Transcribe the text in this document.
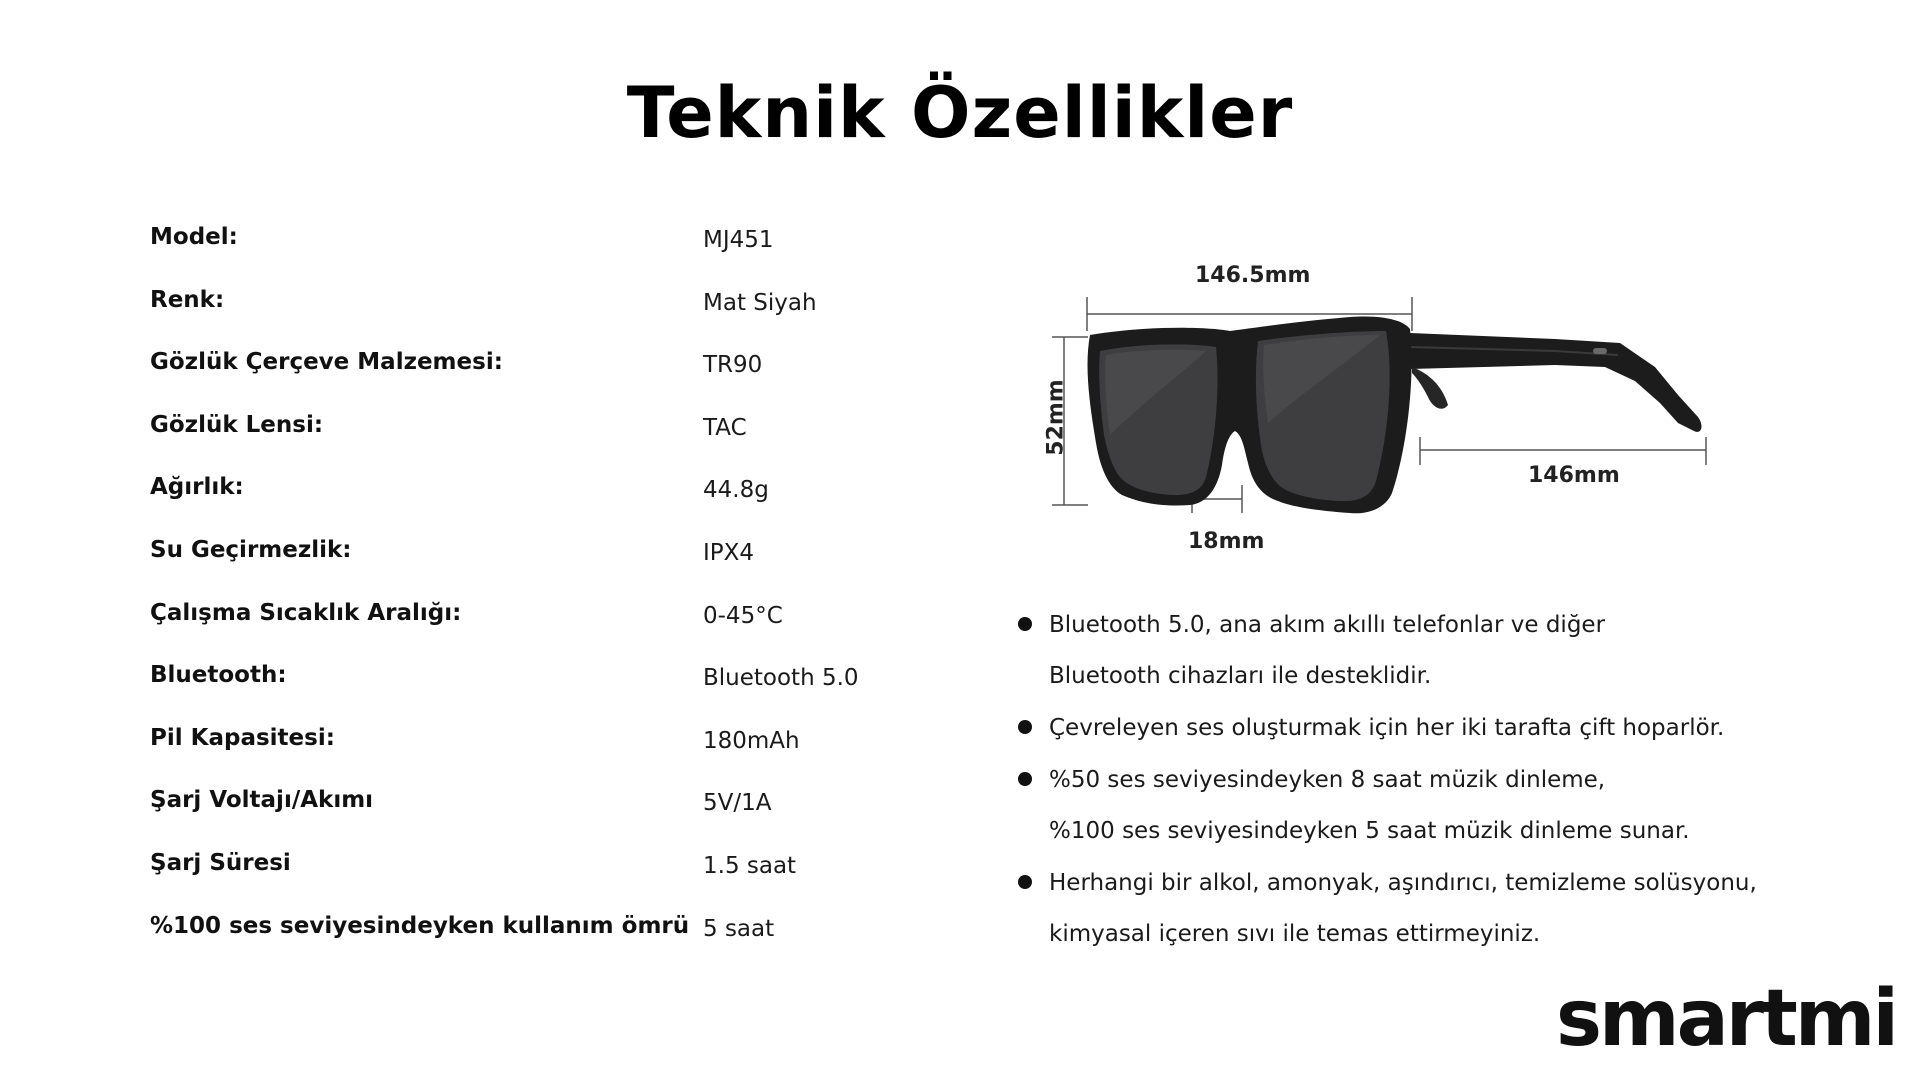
Teknik Özellikler
Model:	MJ451
Renk:	Mat Siyah
Gözlük Çerçeve Malzemesi:	TR90
Gözlük Lensi:	TAC
Ağırlık:	44.8g
Su Geçirmezlik:	IPX4
Çalışma Sıcaklık Aralığı:	0-45°C
Bluetooth:	Bluetooth 5.0
Pil Kapasitesi:	180mAh
Şarj Voltajı/Akımı	5V/1A
Şarj Süresi	1.5 saat
%100 ses seviyesindeyken kullanım ömrü 5 saat
146.5mm
52mm
146mm
18mm
Bluetooth 5.0, ana akım akıllı telefonlar ve diğer
Bluetooth cihazları ile desteklidir.
Çevreleyen ses oluşturmak için her iki tarafta çift hoparlör.
%50 ses seviyesindeyken 8 saat müzik dinleme,
%100 ses seviyesindeyken 5 saat müzik dinleme sunar.
Herhangi bir alkol, amonyak, aşındırıcı, temizleme solüsyonu,
kimyasal içeren sıvı ile temas ettirmeyiniz.
smartmi
